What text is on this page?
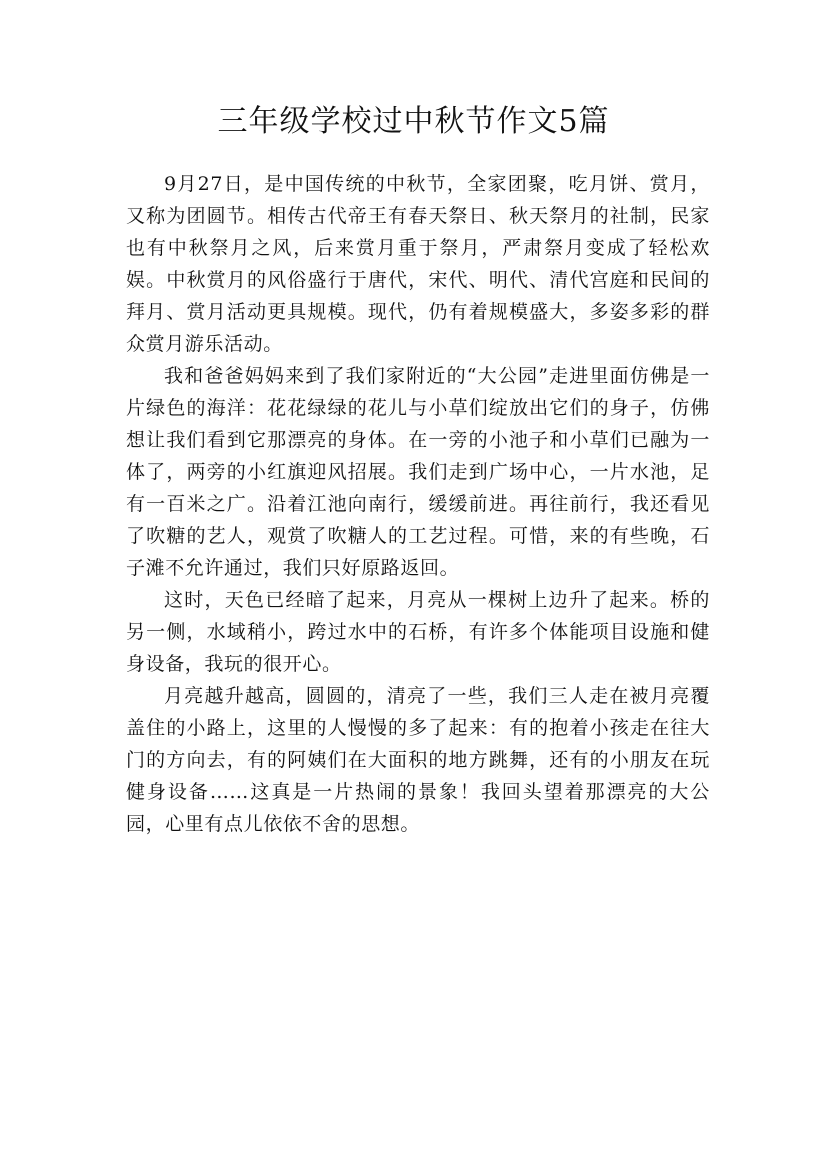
三年级学校过中秋节作文5篇

9月27日，是中国传统的中秋节，全家团聚，吃月饼、赏月，又称为团圆节。相传古代帝王有春天祭日、秋天祭月的社制，民家也有中秋祭月之风，后来赏月重于祭月，严肃祭月变成了轻松欢娱。中秋赏月的风俗盛行于唐代，宋代、明代、清代宫庭和民间的拜月、赏月活动更具规模。现代，仍有着规模盛大，多姿多彩的群众赏月游乐活动。

我和爸爸妈妈来到了我们家附近的“大公园”走进里面仿佛是一片绿色的海洋：花花绿绿的花儿与小草们绽放出它们的身子，仿佛想让我们看到它那漂亮的身体。在一旁的小池子和小草们已融为一体了，两旁的小红旗迎风招展。我们走到广场中心，一片水池，足有一百米之广。沿着江池向南行，缓缓前进。再往前行，我还看见了吹糖的艺人，观赏了吹糖人的工艺过程。可惜，来的有些晚，石子滩不允许通过，我们只好原路返回。

这时，天色已经暗了起来，月亮从一棵树上边升了起来。桥的另一侧，水域稍小，跨过水中的石桥，有许多个体能项目设施和健身设备，我玩的很开心。

月亮越升越高，圆圆的，清亮了一些，我们三人走在被月亮覆盖住的小路上，这里的人慢慢的多了起来：有的抱着小孩走在往大门的方向去，有的阿姨们在大面积的地方跳舞，还有的小朋友在玩健身设备……这真是一片热闹的景象！我回头望着那漂亮的大公园，心里有点儿依依不舍的思想。
